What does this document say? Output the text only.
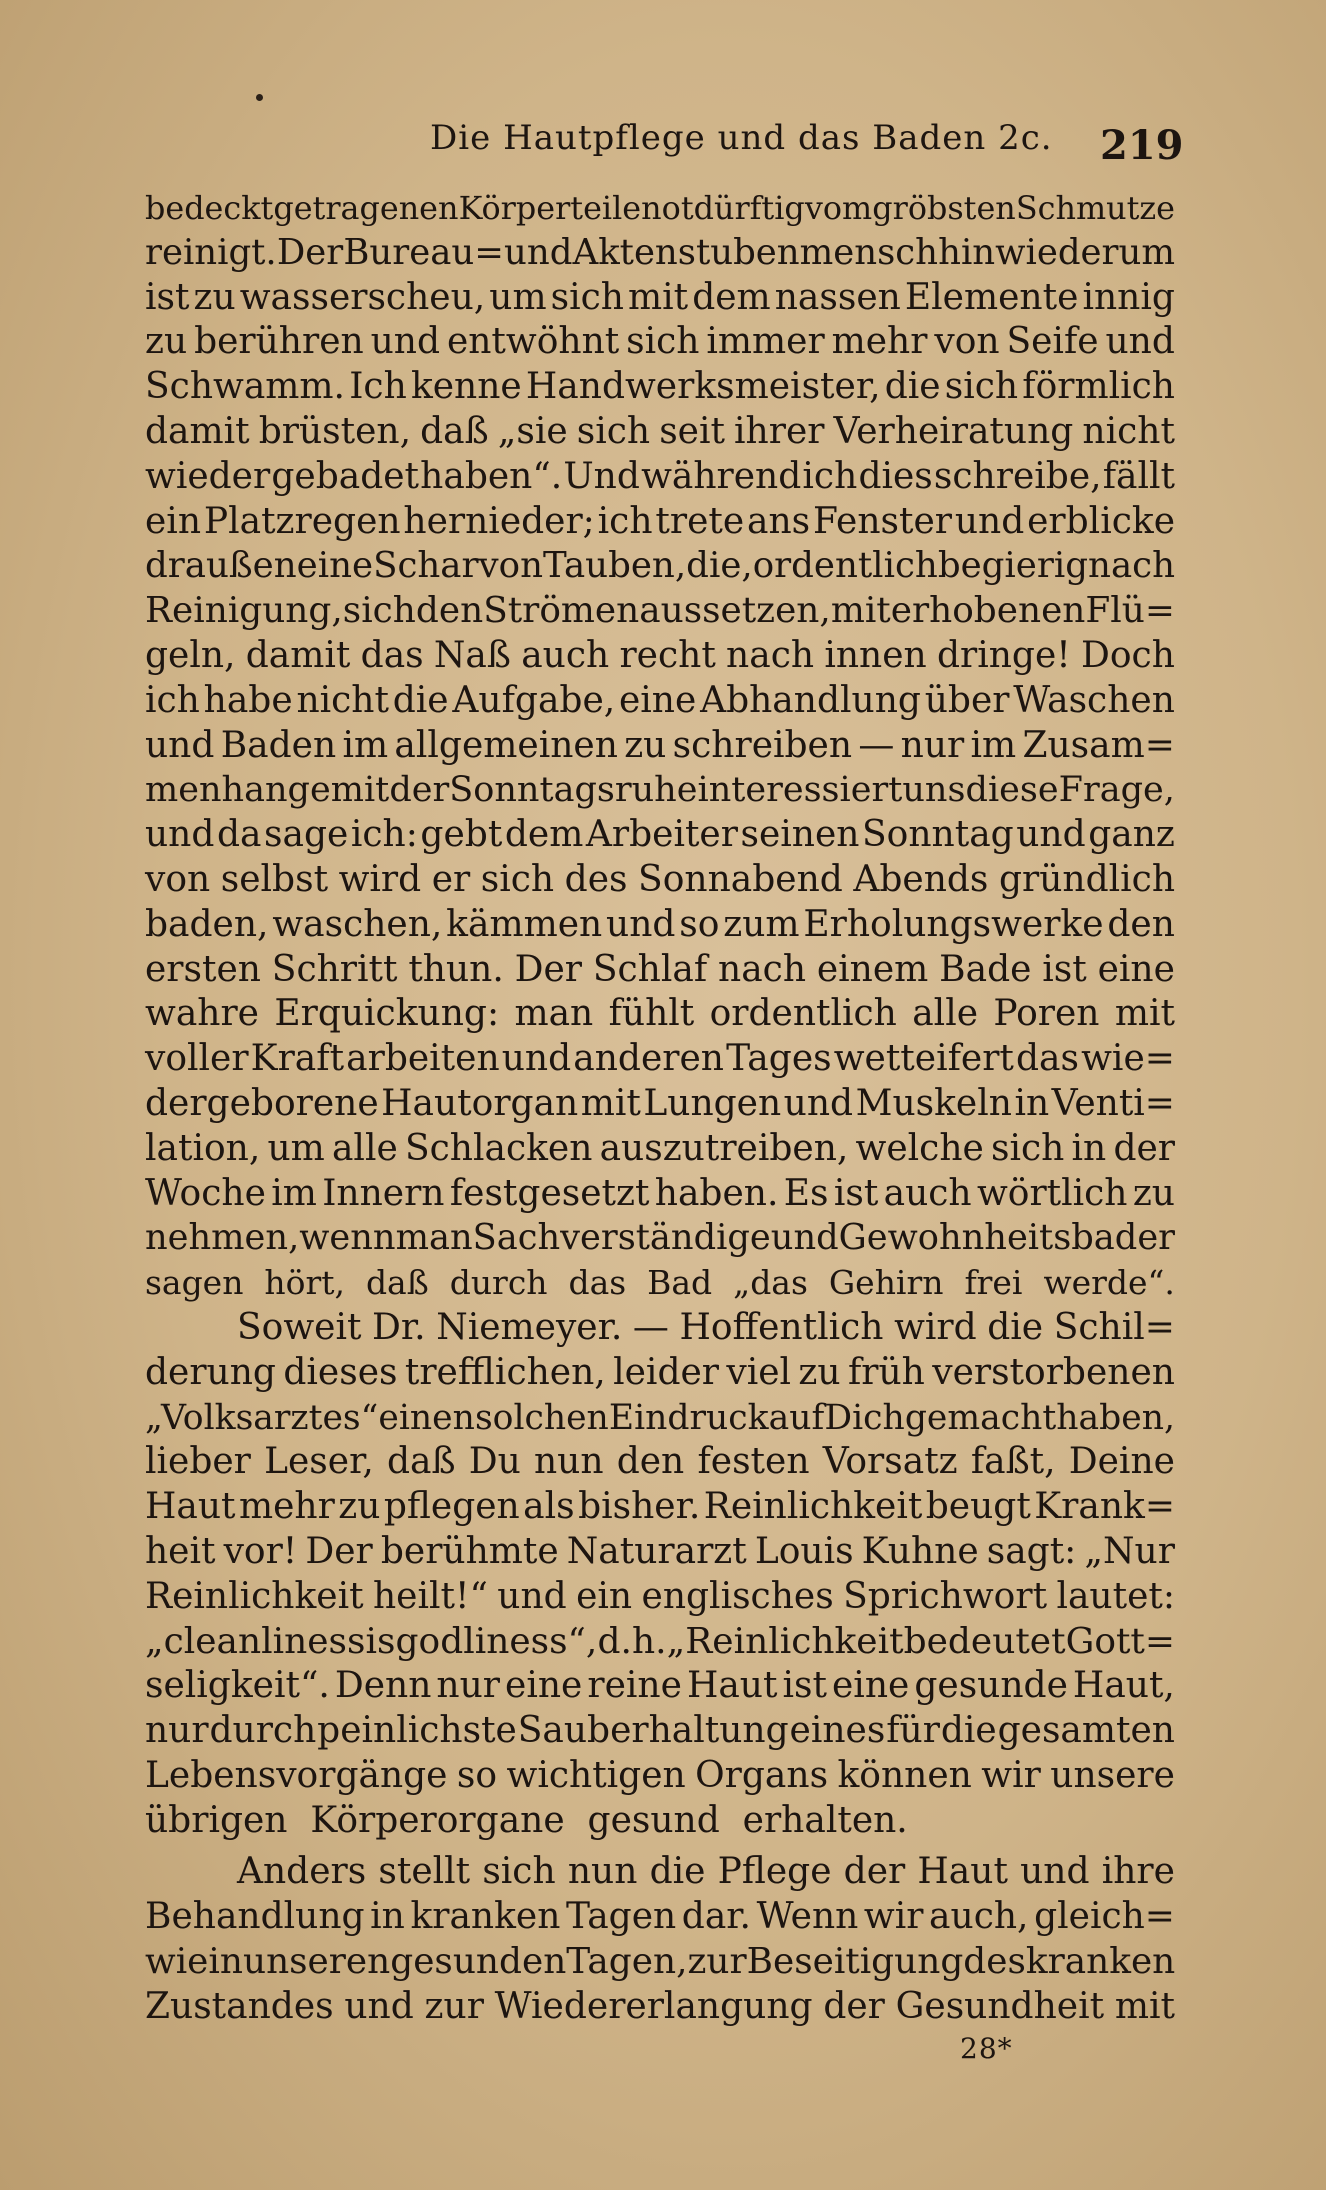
Die Hautpflege und das Baden 2c. 219
bedeckt getragenen Körperteile notdürftig vom gröbsten Schmutze
reinigt. Der Bureau= und Aktenstubenmensch hinwiederum
ist zu wasserscheu, um sich mit dem nassen Elemente innig
zu berühren und entwöhnt sich immer mehr von Seife und
Schwamm. Ich kenne Handwerksmeister, die sich förmlich
damit brüsten, daß „sie sich seit ihrer Verheiratung nicht
wieder gebadet haben“. Und während ich dies schreibe, fällt
ein Platzregen hernieder; ich trete ans Fenster und erblicke
draußen eine Schar von Tauben, die, ordentlich begierig nach
Reinigung, sich den Strömen aussetzen, mit erhobenen Flü=
geln, damit das Naß auch recht nach innen dringe! Doch
ich habe nicht die Aufgabe, eine Abhandlung über Waschen
und Baden im allgemeinen zu schreiben — nur im Zusam=
menhange mit der Sonntagsruhe interessiert uns diese Frage,
und da sage ich: gebt dem Arbeiter seinen Sonntag und ganz
von selbst wird er sich des Sonnabend Abends gründlich
baden, waschen, kämmen und so zum Erholungswerke den
ersten Schritt thun. Der Schlaf nach einem Bade ist eine
wahre Erquickung: man fühlt ordentlich alle Poren mit
voller Kraft arbeiten und anderen Tages wetteifert das wie=
dergeborene Hautorgan mit Lungen und Muskeln in Venti=
lation, um alle Schlacken auszutreiben, welche sich in der
Woche im Innern festgesetzt haben. Es ist auch wörtlich zu
nehmen, wenn man Sachverständige und Gewohnheitsbader
sagen
hört,
daß
durch
das
Bad
„das
Gehirn
frei
werde“.
Soweit Dr. Niemeyer. — Hoffentlich wird die Schil=
derung dieses trefflichen, leider viel zu früh verstorbenen
„Volksarztes“ einen solchen Eindruck auf Dich gemacht haben,
lieber Leser, daß Du nun den festen Vorsatz faßt, Deine
Haut mehr zu pflegen als bisher. Reinlichkeit beugt Krank=
heit vor! Der berühmte Naturarzt Louis Kuhne sagt: „Nur
Reinlichkeit heilt!“ und ein englisches Sprichwort lautet:
„cleanliness is godliness“, d. h. „Reinlichkeit bedeutet Gott=
seligkeit“. Denn nur eine reine Haut ist eine gesunde Haut,
nur durch peinlichste Sauberhaltung eines für die gesamten
Lebensvorgänge so wichtigen Organs können wir unsere
übrigen
Körperorgane
gesund
erhalten.
Anders stellt sich nun die Pflege der Haut und ihre
Behandlung in kranken Tagen dar. Wenn wir auch, gleich=
wie in unseren gesunden Tagen, zur Beseitigung des kranken
Zustandes und zur Wiedererlangung der Gesundheit mit
28*
